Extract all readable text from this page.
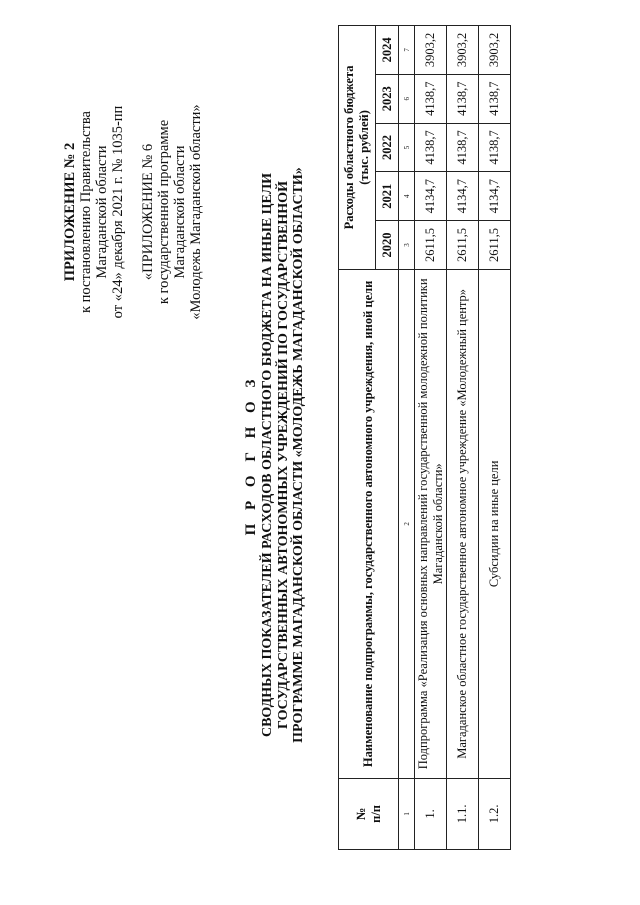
ПРИЛОЖЕНИЕ № 2 к постановлению Правительства Магаданской области от «24» декабря 2021 г. № 1035-пп «ПРИЛОЖЕНИЕ № 6 к государственной программе Магаданской области «Молодежь Магаданской области»
П Р О Г Н О З СВОДНЫХ ПОКАЗАТЕЛЕЙ РАСХОДОВ ОБЛАСТНОГО БЮДЖЕТА НА ИНЫЕ ЦЕЛИ ГОСУДАРСТВЕННЫХ АВТОНОМНЫХ УЧРЕЖДЕНИЙ ПО ГОСУДАРСТВЕННОЙ ПРОГРАММЕ МАГАДАНСКОЙ ОБЛАСТИ «МОЛОДЕЖЬ МАГАДАНСКОЙ ОБЛАСТИ»
№
п/п	Наименование подпрограммы, государственного автономного учреждения, иной цели	Расходы областного бюджета
(тыс. рублей)				
		2020	2021	2022	2023	2024
1	2	3	4	5	6	7
1.	Подпрограмма «Реализация основных направлений государственной молодежной политики Магаданской области»	2611,5	4134,7	4138,7	4138,7	3903,2
1.1.	Магаданское областное государственное автономное учреждение «Молодежный центр»	2611,5	4134,7	4138,7	4138,7	3903,2
1.2.	Субсидии на иные цели	2611,5	4134,7	4138,7	4138,7	3903,2
